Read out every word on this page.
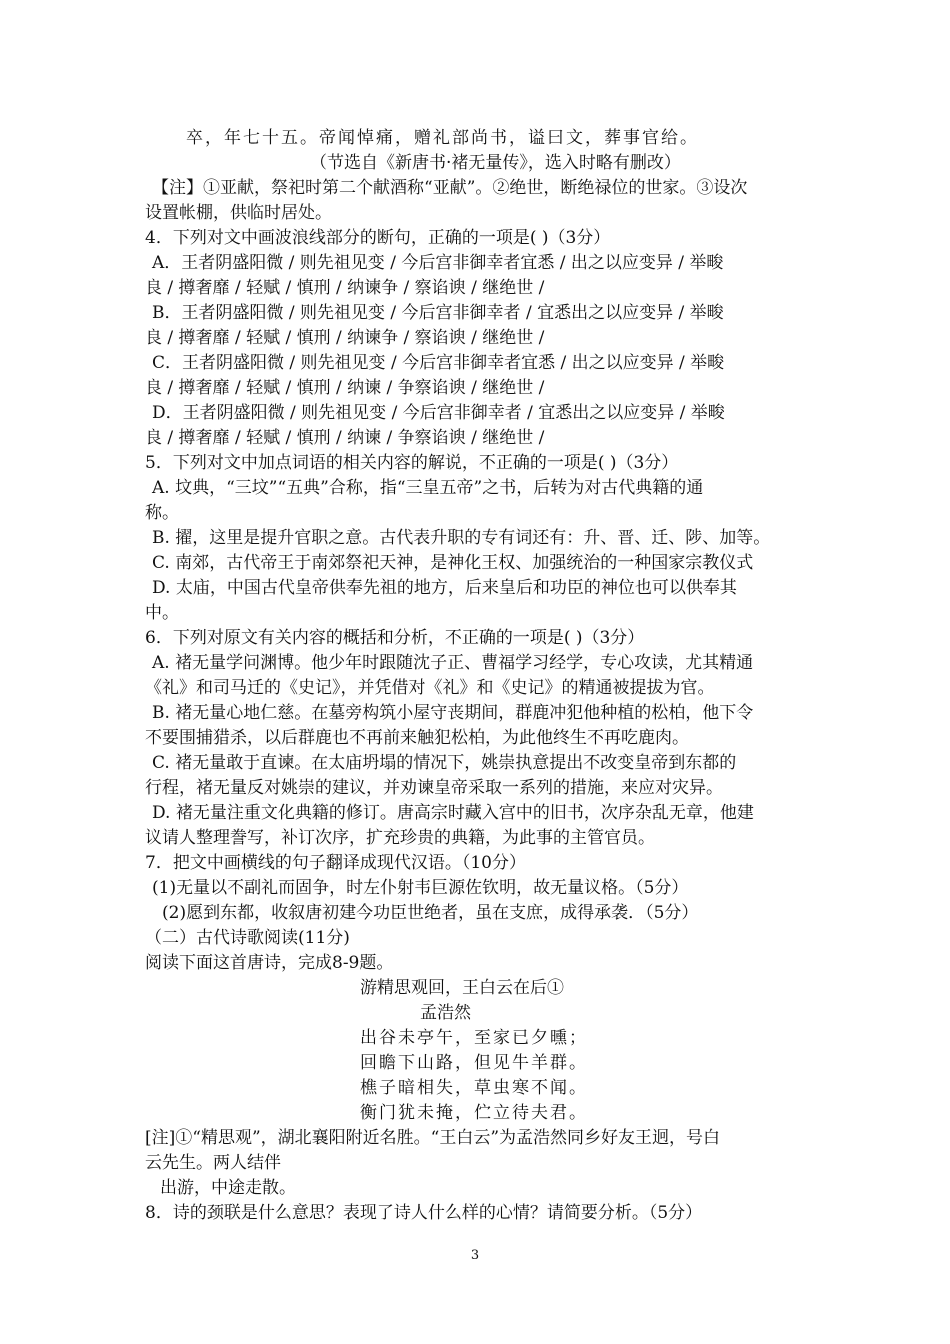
卒，年七十五。帝闻悼痛，赠礼部尚书，谥曰文，葬事官给。
（节选自《新唐书·褚无量传》，选入时略有删改）
【注】①亚献，祭祀时第二个献酒称“亚献”。②绝世，断绝禄位的世家。③设次
设置帐棚，供临时居处。
4．下列对文中画波浪线部分的断句，正确的一项是( )（3分）
A．王者阴盛阳微 / 则先祖见变 / 今后宫非御幸者宜悉 / 出之以应变异 / 举畯
良 / 撙奢靡 / 轻赋 / 慎刑 / 纳谏争 / 察谄谀 / 继绝世 /
B．王者阴盛阳微 / 则先祖见变 / 今后宫非御幸者 / 宜悉出之以应变异 / 举畯
良 / 撙奢靡 / 轻赋 / 慎刑 / 纳谏争 / 察谄谀 / 继绝世 /
C．王者阴盛阳微 / 则先祖见变 / 今后宫非御幸者宜悉 / 出之以应变异 / 举畯
良 / 撙奢靡 / 轻赋 / 慎刑 / 纳谏 / 争察谄谀 / 继绝世 /
D．王者阴盛阳微 / 则先祖见变 / 今后宫非御幸者 / 宜悉出之以应变异 / 举畯
良 / 撙奢靡 / 轻赋 / 慎刑 / 纳谏 / 争察谄谀 / 继绝世 /
5．下列对文中加点词语的相关内容的解说，不正确的一项是( )（3分）
A. 坟典，“三坟”“五典”合称，指“三皇五帝”之书，后转为对古代典籍的通
称。
B. 擢，这里是提升官职之意。古代表升职的专有词还有：升、晋、迁、陟、加等。
C. 南郊，古代帝王于南郊祭祀天神，是神化王权、加强统治的一种国家宗教仪式
D. 太庙，中国古代皇帝供奉先祖的地方，后来皇后和功臣的神位也可以供奉其
中。
6．下列对原文有关内容的概括和分析，不正确的一项是( )（3分）
A. 褚无量学问渊博。他少年时跟随沈子正、曹福学习经学，专心攻读，尤其精通
《礼》和司马迁的《史记》，并凭借对《礼》和《史记》的精通被提拔为官。
B. 褚无量心地仁慈。在墓旁构筑小屋守丧期间，群鹿冲犯他种植的松柏，他下令
不要围捕猎杀，以后群鹿也不再前来触犯松柏，为此他终生不再吃鹿肉。
C. 褚无量敢于直谏。在太庙坍塌的情况下，姚崇执意提出不改变皇帝到东都的
行程，褚无量反对姚崇的建议，并劝谏皇帝采取一系列的措施，来应对灾异。
D. 褚无量注重文化典籍的修订。唐高宗时藏入宫中的旧书，次序杂乱无章，他建
议请人整理誊写，补订次序，扩充珍贵的典籍，为此事的主管官员。
7．把文中画横线的句子翻译成现代汉语。（10分）
(1)无量以不副礼而固争，时左仆射韦巨源佐钦明，故无量议格。（5分）
(2)愿到东都，收叙唐初建今功臣世绝者，虽在支庶，成得承袭．（5分）
（二）古代诗歌阅读(11分)
阅读下面这首唐诗，完成8-9题。
游精思观回，王白云在后①
孟浩然
出谷未亭午，至家已夕曛；
回瞻下山路，但见牛羊群。
樵子暗相失，草虫寒不闻。
衡门犹未掩，伫立待夫君。
[注]①“精思观”，湖北襄阳附近名胜。“王白云”为孟浩然同乡好友王迥，号白
云先生。两人结伴
出游，中途走散。
8．诗的颈联是什么意思？表现了诗人什么样的心情？请简要分析。（5分）
3
